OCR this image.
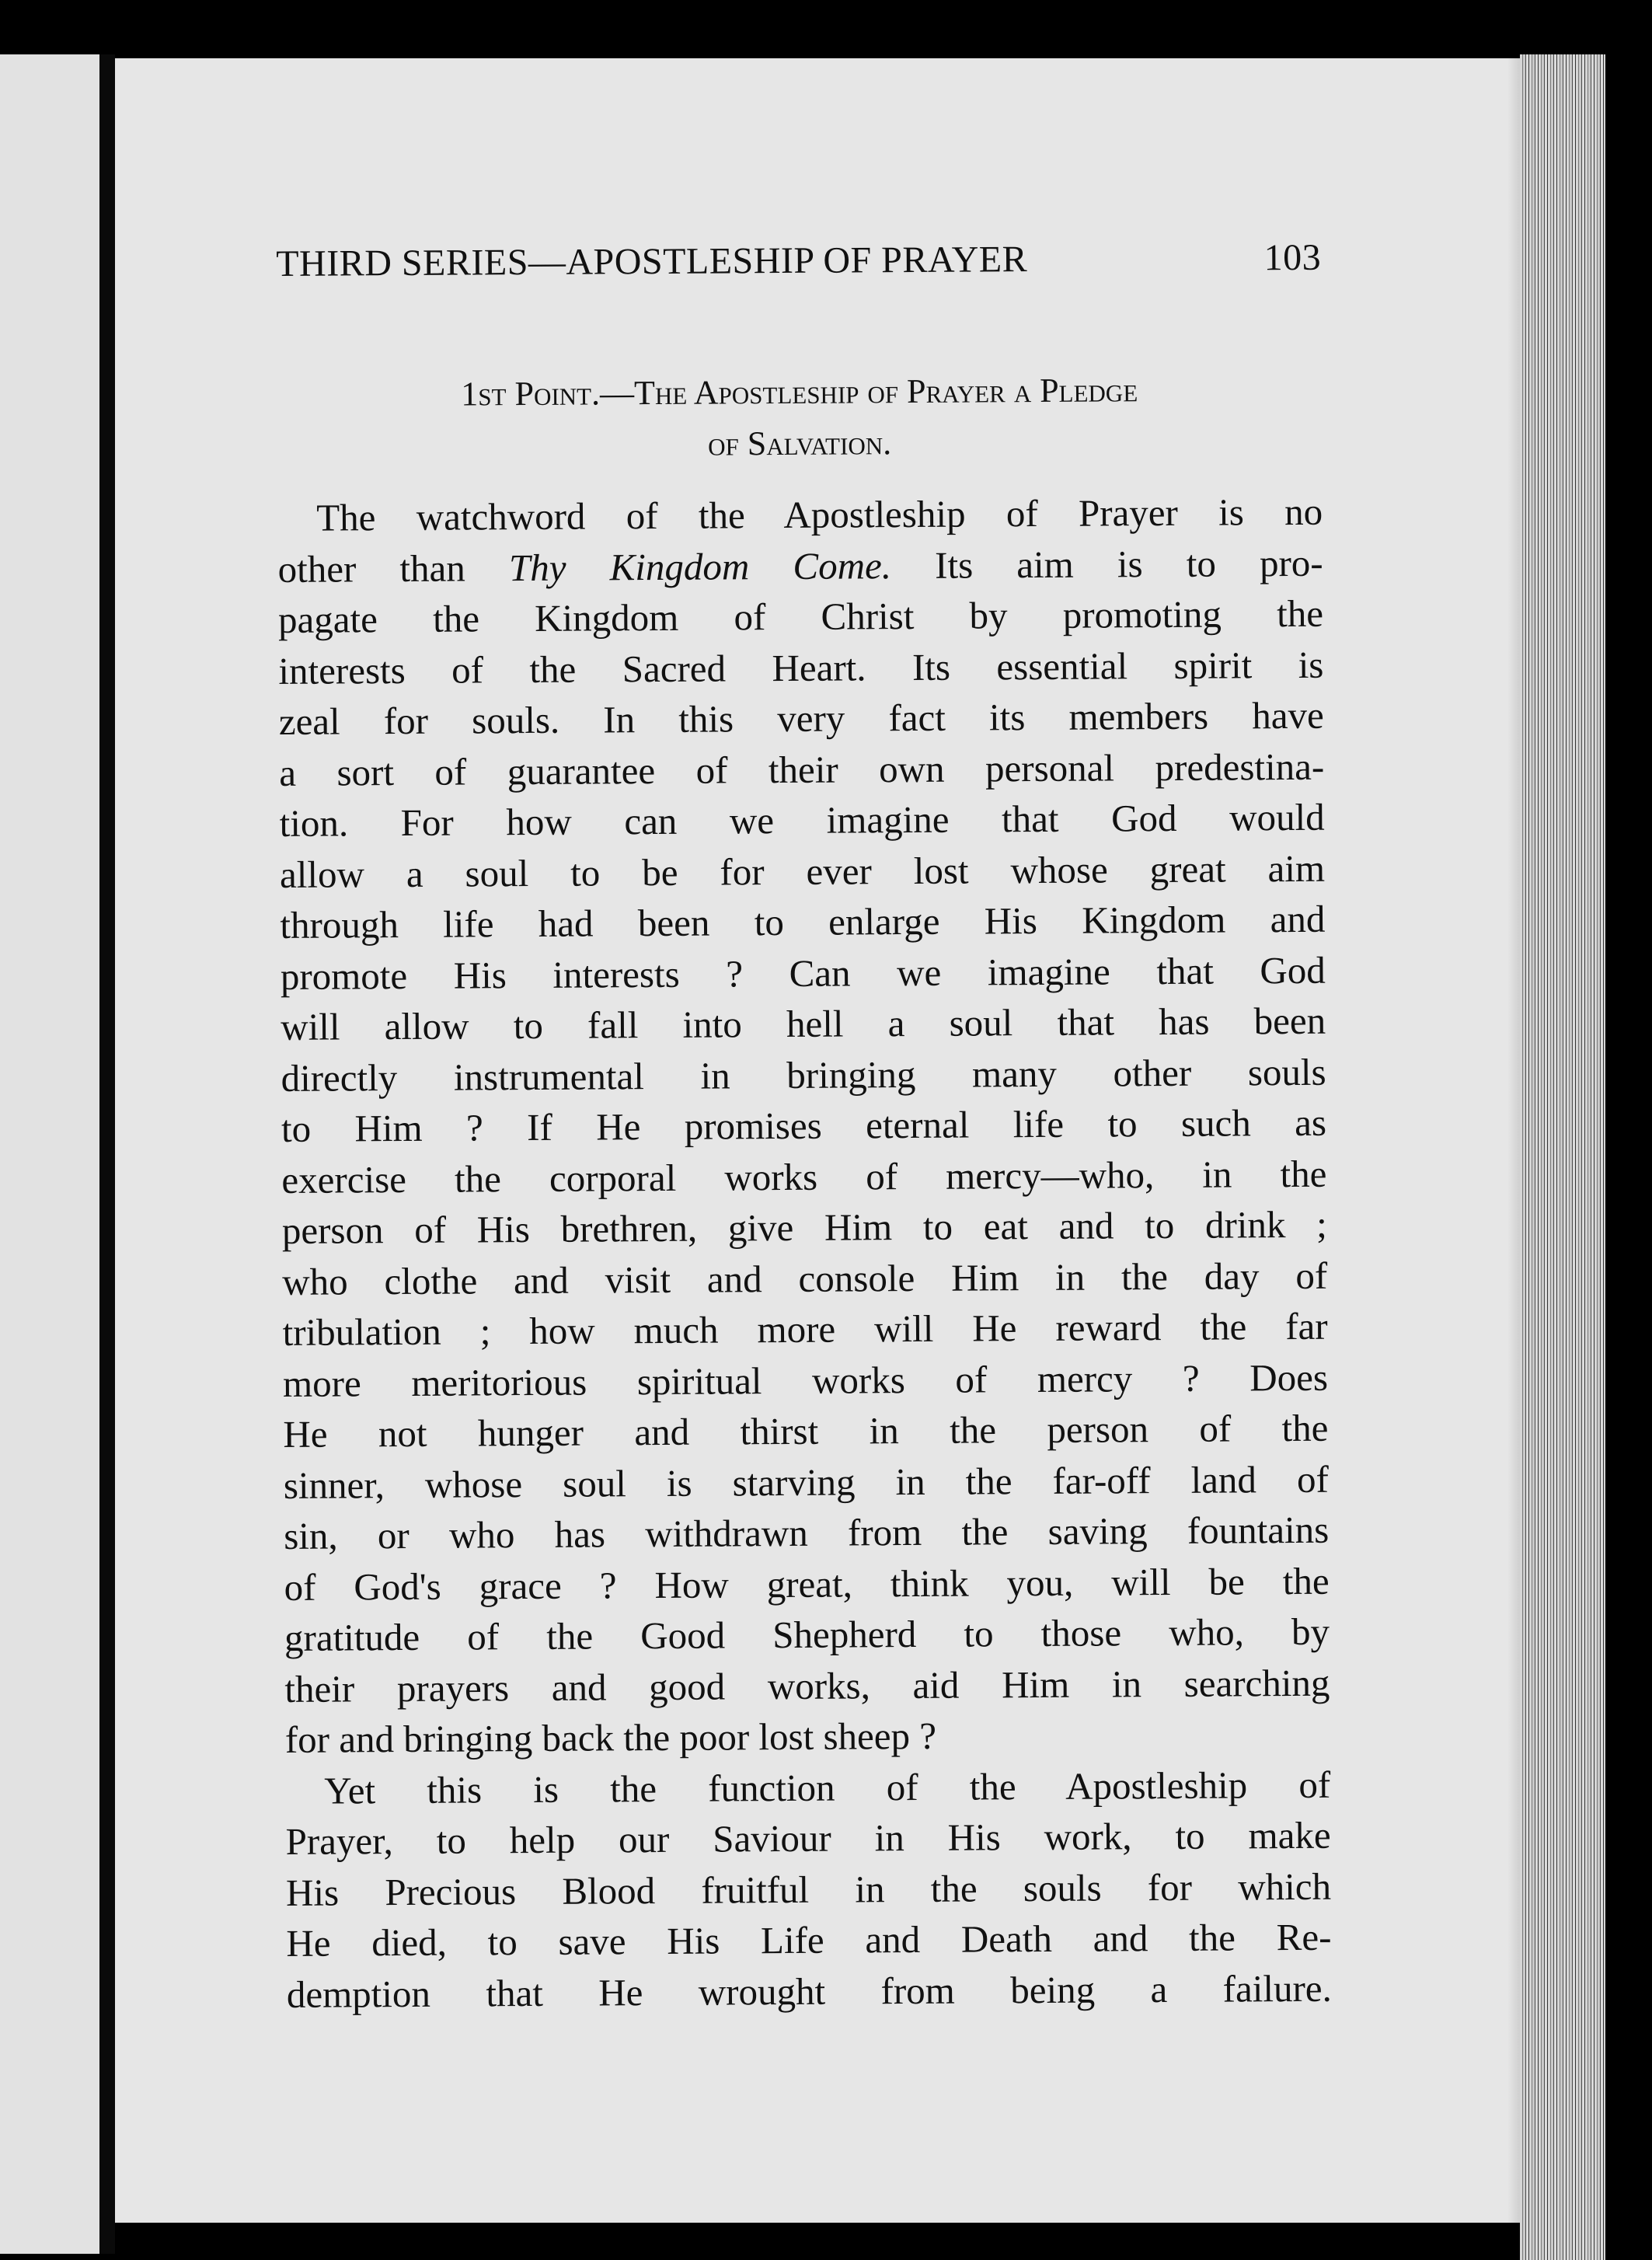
THIRD SERIES—APOSTLESHIP OF PRAYER	103
1st Point.—The Apostleship of Prayer a Pledge
of Salvation.
The watchword of the Apostleship of Prayer is no
other than Thy Kingdom Come. Its aim is to pro-
pagate the Kingdom of Christ by promoting the
interests of the Sacred Heart. Its essential spirit is
zeal for souls. In this very fact its members have
a sort of guarantee of their own personal predestina-
tion. For how can we imagine that God would
allow a soul to be for ever lost whose great aim
through life had been to enlarge His Kingdom and
promote His interests ? Can we imagine that God
will allow to fall into hell a soul that has been
directly instrumental in bringing many other souls
to Him ? If He promises eternal life to such as
exercise the corporal works of mercy—who, in the
person of His brethren, give Him to eat and to drink ;
who clothe and visit and console Him in the day of
tribulation ; how much more will He reward the far
more meritorious spiritual works of mercy ? Does
He not hunger and thirst in the person of the
sinner, whose soul is starving in the far-off land of
sin, or who has withdrawn from the saving fountains
of God's grace ? How great, think you, will be the
gratitude of the Good Shepherd to those who, by
their prayers and good works, aid Him in searching
for and bringing back the poor lost sheep ?
Yet this is the function of the Apostleship of
Prayer, to help our Saviour in His work, to make
His Precious Blood fruitful in the souls for which
He died, to save His Life and Death and the Re-
demption that He wrought from being a failure.
